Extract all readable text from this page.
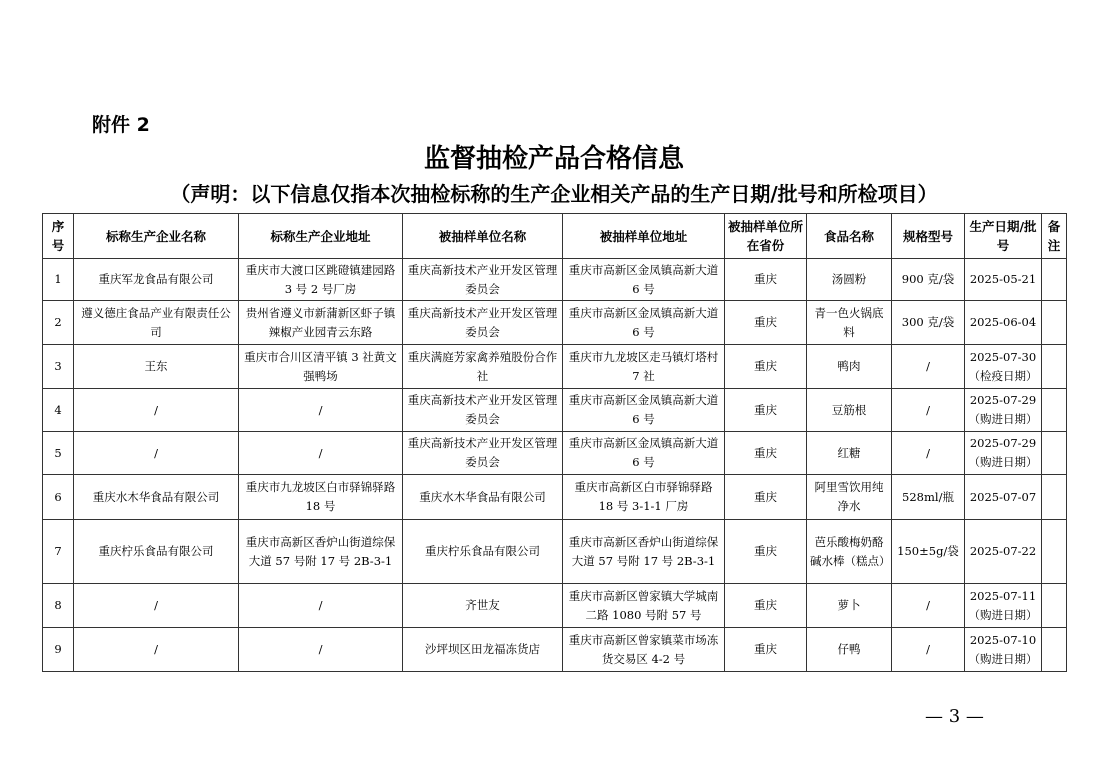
附件 2
监督抽检产品合格信息
（声明：以下信息仅指本次抽检标称的生产企业相关产品的生产日期/批号和所检项目）
序号	标称生产企业名称	标称生产企业地址	被抽样单位名称	被抽样单位地址	被抽样单位所在省份	食品名称	规格型号	生产日期/批号	备注
1	重庆军龙食品有限公司	重庆市大渡口区跳磴镇建园路 3 号 2 号厂房	重庆高新技术产业开发区管理委员会	重庆市高新区金凤镇高新大道 6 号	重庆	汤圆粉	900 克/袋	2025-05-21	
2	遵义德庄食品产业有限责任公司	贵州省遵义市新蒲新区虾子镇辣椒产业园青云东路	重庆高新技术产业开发区管理委员会	重庆市高新区金凤镇高新大道 6 号	重庆	青一色火锅底料	300 克/袋	2025-06-04	
3	王东	重庆市合川区清平镇 3 社黄文强鸭场	重庆满庭芳家禽养殖股份合作社	重庆市九龙坡区走马镇灯塔村 7 社	重庆	鸭肉	/	2025-07-30（检疫日期）	
4	/	/	重庆高新技术产业开发区管理委员会	重庆市高新区金凤镇高新大道 6 号	重庆	豆筋根	/	2025-07-29（购进日期）	
5	/	/	重庆高新技术产业开发区管理委员会	重庆市高新区金凤镇高新大道 6 号	重庆	红糖	/	2025-07-29（购进日期）	
6	重庆水木华食品有限公司	重庆市九龙坡区白市驿锦驿路 18 号	重庆水木华食品有限公司	重庆市高新区白市驿锦驿路 18 号 3-1-1 厂房	重庆	阿里雪饮用纯净水	528ml/瓶	2025-07-07	
7	重庆柠乐食品有限公司	重庆市高新区香炉山街道综保大道 57 号附 17 号 2B-3-1	重庆柠乐食品有限公司	重庆市高新区香炉山街道综保大道 57 号附 17 号 2B-3-1	重庆	芭乐酸梅奶酪碱水棒（糕点）	150±5g/袋	2025-07-22	
8	/	/	齐世友	重庆市高新区曾家镇大学城南二路 1080 号附 57 号	重庆	萝卜	/	2025-07-11（购进日期）	
9	/	/	沙坪坝区田龙福冻货店	重庆市高新区曾家镇菜市场冻货交易区 4-2 号	重庆	仔鸭	/	2025-07-10（购进日期）	
— 3 —
